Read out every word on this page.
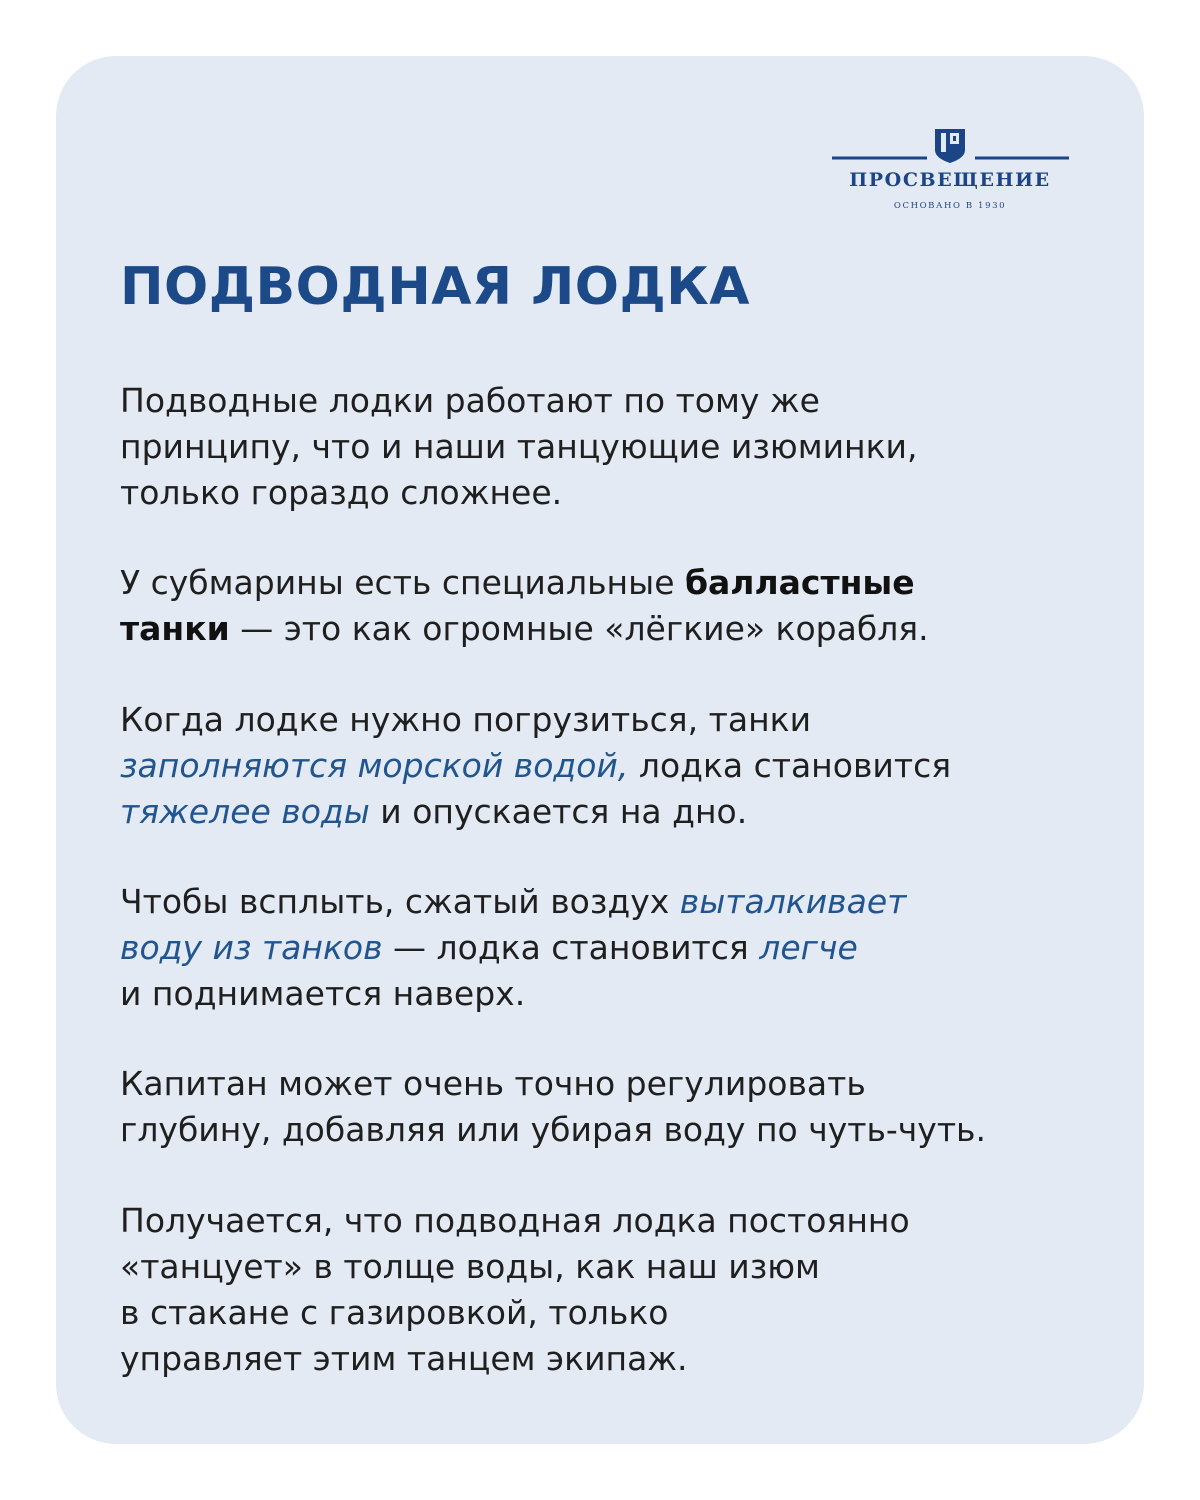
ПРОСВЕЩЕНИЕ
ОСНОВАНО В 1930
ПОДВОДНАЯ ЛОДКА

Подводные лодки работают по тому же
принципу, что и наши танцующие изюминки,
только гораздо сложнее.

У субмарины есть специальные балластные
танки — это как огромные «лёгкие» корабля.

Когда лодке нужно погрузиться, танки
заполняются морской водой, лодка становится
тяжелее воды и опускается на дно.

Чтобы всплыть, сжатый воздух выталкивает
воду из танков — лодка становится легче
и поднимается наверх.

Капитан может очень точно регулировать
глубину, добавляя или убирая воду по чуть-чуть.

Получается, что подводная лодка постоянно
«танцует» в толще воды, как наш изюм
в стакане с газировкой, только
управляет этим танцем экипаж.
